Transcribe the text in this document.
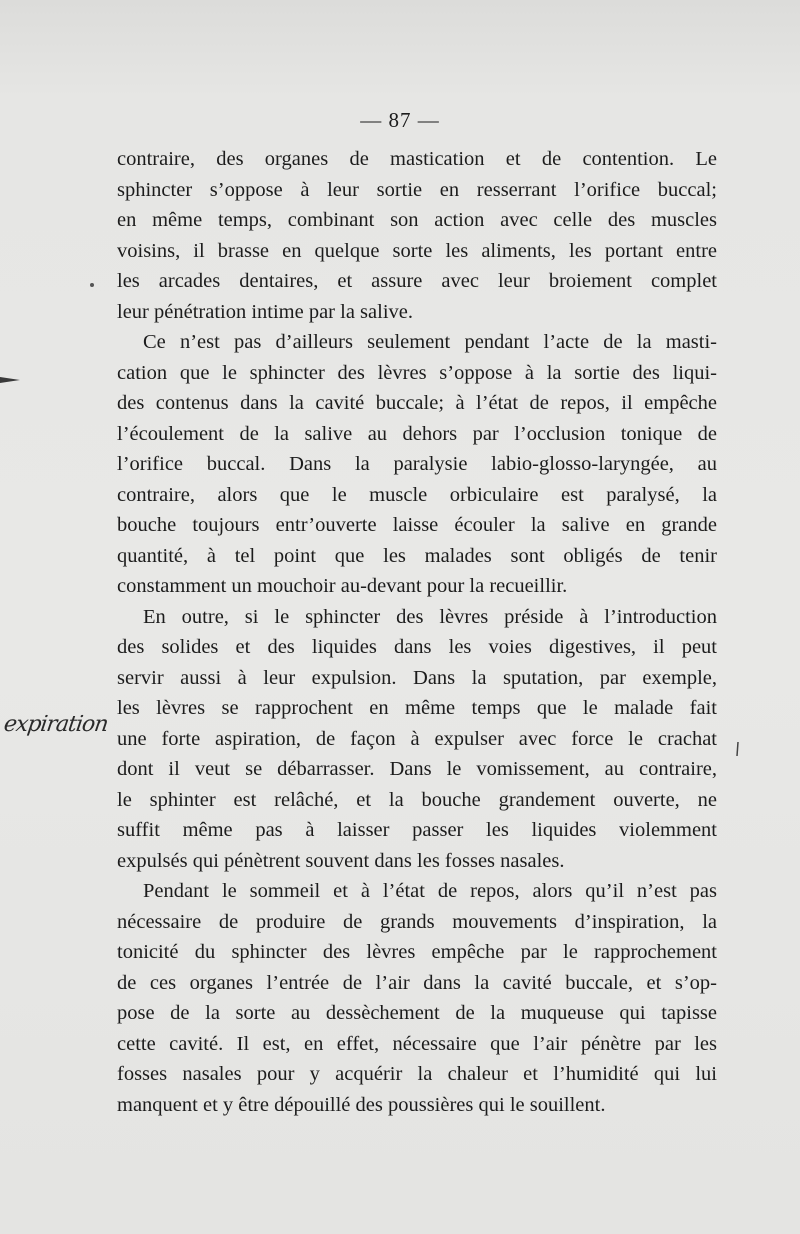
— 87 —
contraire, des organes de mastication et de contention. Le
sphincter s’oppose à leur sortie en resserrant l’orifice buccal;
en même temps, combinant son action avec celle des muscles
voisins, il brasse en quelque sorte les aliments, les portant entre
les arcades dentaires, et assure avec leur broiement complet
leur pénétration intime par la salive.
Ce n’est pas d’ailleurs seulement pendant l’acte de la masti-
cation que le sphincter des lèvres s’oppose à la sortie des liqui-
des contenus dans la cavité buccale; à l’état de repos, il empêche
l’écoulement de la salive au dehors par l’occlusion tonique de
l’orifice buccal. Dans la paralysie labio-glosso-laryngée, au
contraire, alors que le muscle orbiculaire est paralysé, la
bouche toujours entr’ouverte laisse écouler la salive en grande
quantité, à tel point que les malades sont obligés de tenir
constamment un mouchoir au-devant pour la recueillir.
En outre, si le sphincter des lèvres préside à l’introduction
des solides et des liquides dans les voies digestives, il peut
servir aussi à leur expulsion. Dans la sputation, par exemple,
les lèvres se rapprochent en même temps que le malade fait
une forte aspiration, de façon à expulser avec force le crachat
dont il veut se débarrasser. Dans le vomissement, au contraire,
le sphinter est relâché, et la bouche grandement ouverte, ne
suffit même pas à laisser passer les liquides violemment
expulsés qui pénètrent souvent dans les fosses nasales.
Pendant le sommeil et à l’état de repos, alors qu’il n’est pas
nécessaire de produire de grands mouvements d’inspiration, la
tonicité du sphincter des lèvres empêche par le rapprochement
de ces organes l’entrée de l’air dans la cavité buccale, et s’op-
pose de la sorte au dessèchement de la muqueuse qui tapisse
cette cavité. Il est, en effet, nécessaire que l’air pénètre par les
fosses nasales pour y acquérir la chaleur et l’humidité qui lui
manquent et y être dépouillé des poussières qui le souillent.
expiration
